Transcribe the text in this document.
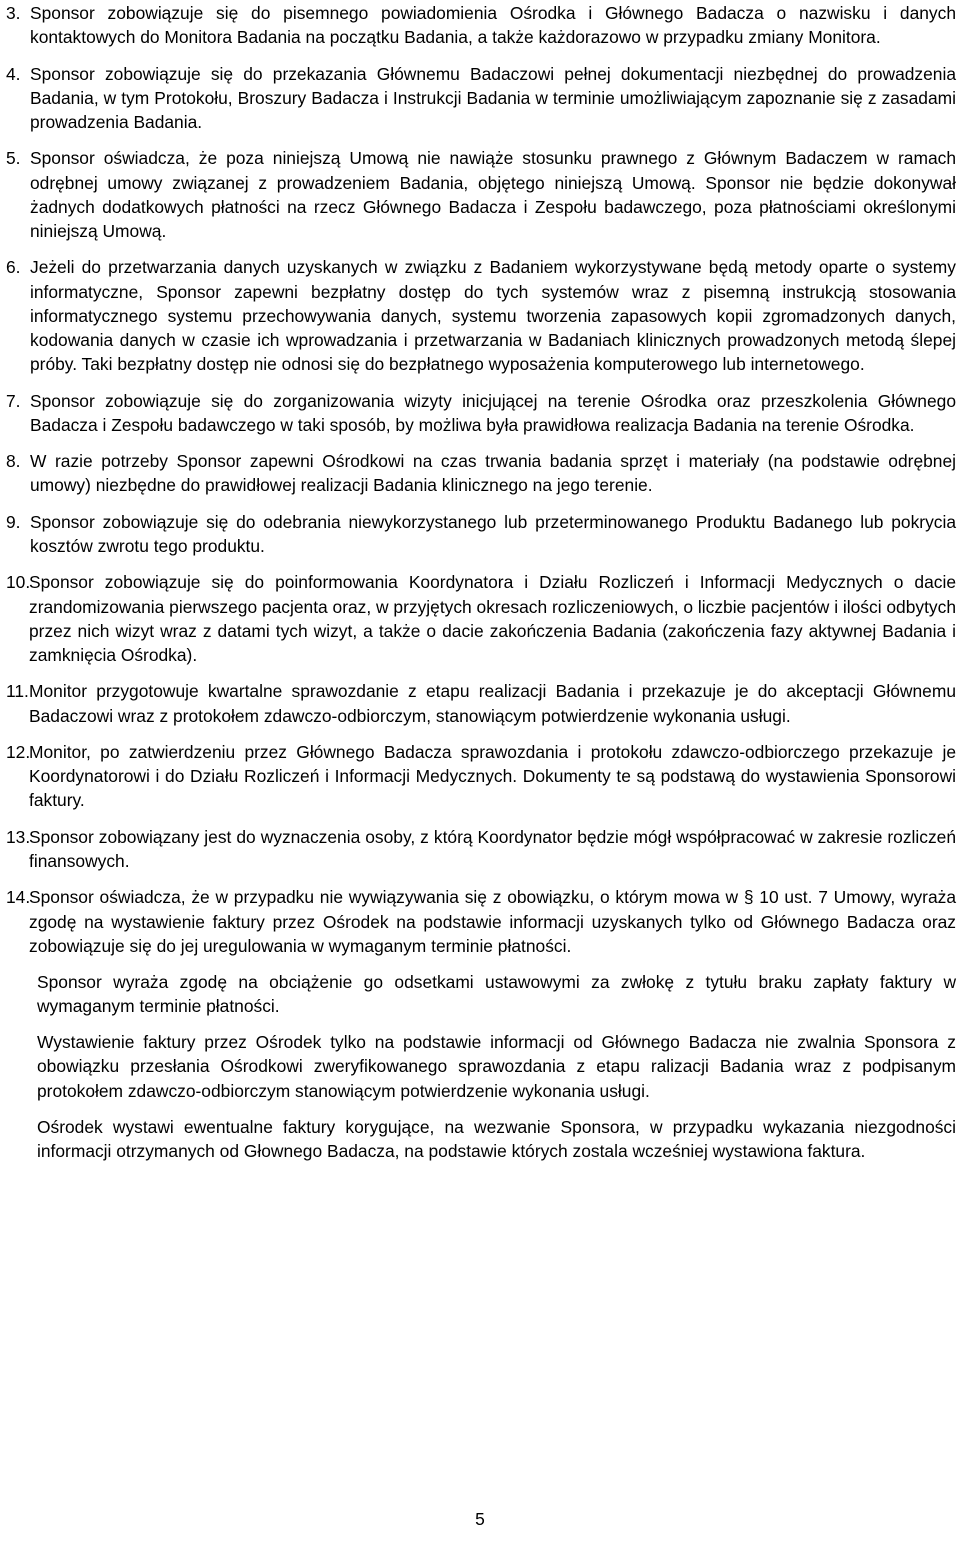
3. Sponsor zobowiązuje się do pisemnego powiadomienia Ośrodka i Głównego Badacza o nazwisku i danych kontaktowych do Monitora Badania na początku Badania, a także każdorazowo w przypadku zmiany Monitora.
4. Sponsor zobowiązuje się do przekazania Głównemu Badaczowi pełnej dokumentacji niezbędnej do prowadzenia Badania, w tym Protokołu, Broszury Badacza i Instrukcji Badania w terminie umożliwiającym zapoznanie się z zasadami prowadzenia Badania.
5. Sponsor oświadcza, że poza niniejszą Umową nie nawiąże stosunku prawnego z Głównym Badaczem w ramach odrębnej umowy związanej z prowadzeniem Badania, objętego niniejszą Umową. Sponsor nie będzie dokonywał żadnych dodatkowych płatności na rzecz Głównego Badacza i Zespołu badawczego, poza płatnościami określonymi niniejszą Umową.
6. Jeżeli do przetwarzania danych uzyskanych w związku z Badaniem wykorzystywane będą metody oparte o systemy informatyczne, Sponsor zapewni bezpłatny dostęp do tych systemów wraz z pisemną instrukcją stosowania informatycznego systemu przechowywania danych, systemu tworzenia zapasowych kopii zgromadzonych danych, kodowania danych w czasie ich wprowadzania i przetwarzania w Badaniach klinicznych prowadzonych metodą ślepej próby. Taki bezpłatny dostęp nie odnosi się do bezpłatnego wyposażenia komputerowego lub internetowego.
7. Sponsor zobowiązuje się do zorganizowania wizyty inicjującej na terenie Ośrodka oraz przeszkolenia Głównego Badacza i Zespołu badawczego w taki sposób, by możliwa była prawidłowa realizacja Badania na terenie Ośrodka.
8. W razie potrzeby Sponsor zapewni Ośrodkowi na czas trwania badania sprzęt i materiały (na podstawie odrębnej umowy) niezbędne do prawidłowej realizacji Badania klinicznego na jego terenie.
9. Sponsor zobowiązuje się do odebrania niewykorzystanego lub przeterminowanego Produktu Badanego lub pokrycia kosztów zwrotu tego produktu.
10.
Sponsor zobowiązuje się do poinformowania Koordynatora i Działu Rozliczeń i Informacji Medycznych o dacie zrandomizowania pierwszego pacjenta oraz, w przyjętych okresach rozliczeniowych, o liczbie pacjentów i ilości odbytych przez nich wizyt wraz z datami tych wizyt, a także o dacie zakończenia Badania (zakończenia fazy aktywnej Badania i zamknięcia Ośrodka).
11. Monitor przygotowuje kwartalne sprawozdanie z etapu realizacji Badania i przekazuje je do akceptacji Głównemu Badaczowi wraz z protokołem zdawczo-odbiorczym, stanowiącym potwierdzenie wykonania usługi.
12.
Monitor, po zatwierdzeniu przez Głównego Badacza sprawozdania i protokołu zdawczo-odbiorczego przekazuje je Koordynatorowi i do Działu Rozliczeń i Informacji Medycznych. Dokumenty te są podstawą do wystawienia Sponsorowi faktury.
13.
Sponsor zobowiązany jest do wyznaczenia osoby, z którą Koordynator będzie mógł współpracować w zakresie rozliczeń finansowych.
14.
Sponsor oświadcza, że w przypadku nie wywiązywania się z obowiązku, o którym mowa w § 10 ust. 7 Umowy, wyraża zgodę na wystawienie faktury przez Ośrodek na podstawie informacji uzyskanych tylko od Głównego Badacza oraz zobowiązuje się do jej uregulowania w wymaganym terminie płatności.
Sponsor wyraża zgodę na obciążenie go odsetkami ustawowymi za zwłokę z tytułu braku zapłaty faktury w wymaganym terminie płatności.
Wystawienie faktury przez Ośrodek tylko na podstawie informacji od Głównego Badacza nie zwalnia Sponsora z obowiązku przesłania Ośrodkowi zweryfikowanego sprawozdania z etapu ralizacji Badania wraz z podpisanym protokołem zdawczo-odbiorczym stanowiącym potwierdzenie wykonania usługi.
Ośrodek wystawi ewentualne faktury korygujące, na wezwanie Sponsora, w przypadku wykazania niezgodności informacji otrzymanych od Głownego Badacza, na podstawie których zostala wcześniej wystawiona faktura.
5
